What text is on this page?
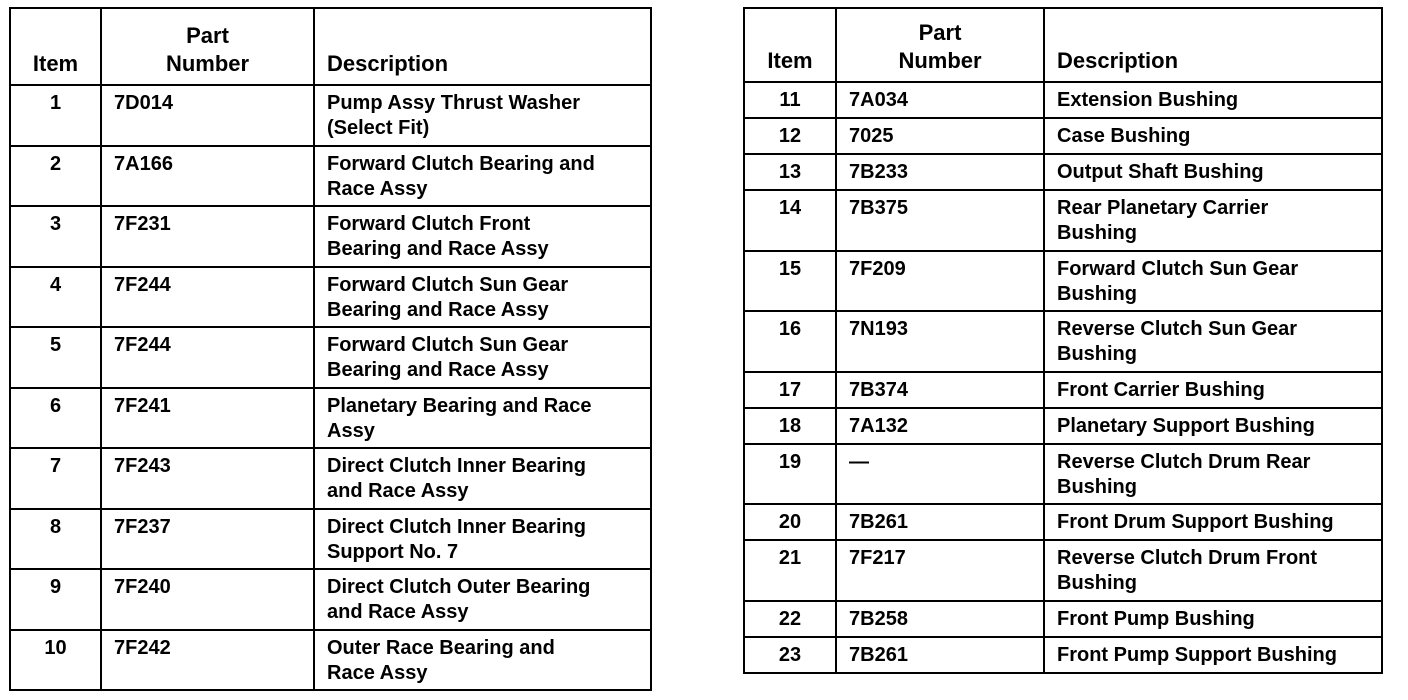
Item	Part
Number	Description
1	7D014	Pump Assy Thrust Washer
(Select Fit)
2	7A166	Forward Clutch Bearing and
Race Assy
3	7F231	Forward Clutch Front
Bearing and Race Assy
4	7F244	Forward Clutch Sun Gear
Bearing and Race Assy
5	7F244	Forward Clutch Sun Gear
Bearing and Race Assy
6	7F241	Planetary Bearing and Race
Assy
7	7F243	Direct Clutch Inner Bearing
and Race Assy
8	7F237	Direct Clutch Inner Bearing
Support No. 7
9	7F240	Direct Clutch Outer Bearing
and Race Assy
10	7F242	Outer Race Bearing and
Race Assy
Item	Part
Number	Description
11	7A034	Extension Bushing
12	7025	Case Bushing
13	7B233	Output Shaft Bushing
14	7B375	Rear Planetary Carrier
Bushing
15	7F209	Forward Clutch Sun Gear
Bushing
16	7N193	Reverse Clutch Sun Gear
Bushing
17	7B374	Front Carrier Bushing
18	7A132	Planetary Support Bushing
19	—	Reverse Clutch Drum Rear
Bushing
20	7B261	Front Drum Support Bushing
21	7F217	Reverse Clutch Drum Front
Bushing
22	7B258	Front Pump Bushing
23	7B261	Front Pump Support Bushing
